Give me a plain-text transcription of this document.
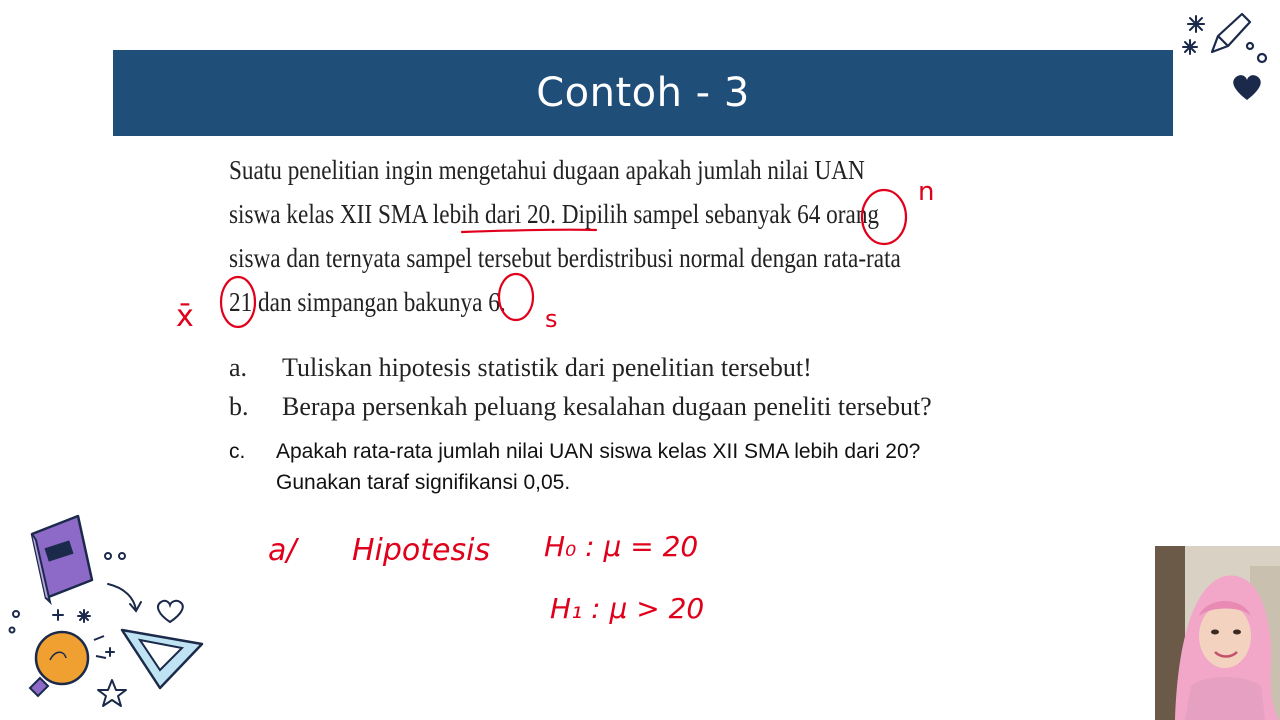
Contoh - 3

Suatu penelitian ingin mengetahui dugaan apakah jumlah nilai UAN

siswa kelas XII SMA lebih dari 20. Dipilih sampel sebanyak 64 orang

siswa dan ternyata sampel tersebut berdistribusi normal dengan rata-rata

21 dan simpangan bakunya 6.

a.	Tuliskan hipotesis statistik dari penelitian tersebut!
b.	Berapa persenkah peluang kesalahan dugaan peneliti tersebut?
c.	Apakah rata-rata jumlah nilai UAN siswa kelas XII SMA lebih dari 20?
Gunakan taraf signifikansi 0,05.
n
x̄	s
a/ Hipotesis H₀ : μ = 20
H₁ : μ > 20
